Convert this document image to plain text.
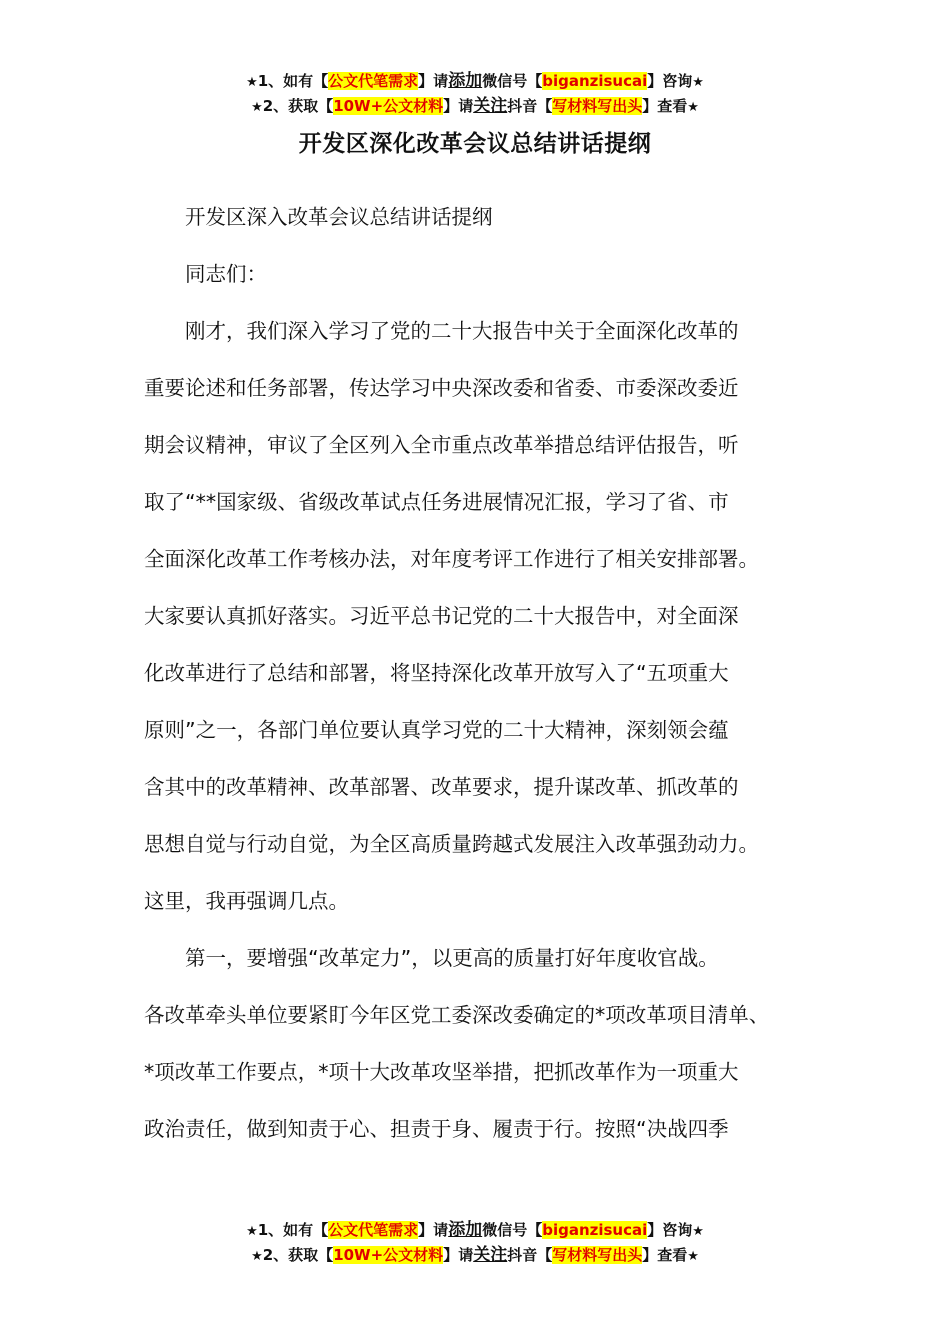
★1、如有【公文代笔需求】请添加微信号【biganzisucai】咨询★
★2、获取【10W+公文材料】请关注抖音【写材料写出头】查看★
开发区深化改革会议总结讲话提纲
　　开发区深入改革会议总结讲话提纲
　　同志们：
　　刚才，我们深入学习了党的二十大报告中关于全面深化改革的
重要论述和任务部署，传达学习中央深改委和省委、市委深改委近
期会议精神，审议了全区列入全市重点改革举措总结评估报告，听
取了“**国家级、省级改革试点任务进展情况汇报，学习了省、市
全面深化改革工作考核办法，对年度考评工作进行了相关安排部署。
大家要认真抓好落实。习近平总书记党的二十大报告中，对全面深
化改革进行了总结和部署，将坚持深化改革开放写入了“五项重大
原则”之一，各部门单位要认真学习党的二十大精神，深刻领会蕴
含其中的改革精神、改革部署、改革要求，提升谋改革、抓改革的
思想自觉与行动自觉，为全区高质量跨越式发展注入改革强劲动力。
这里，我再强调几点。
　　第一，要增强“改革定力”，以更高的质量打好年度收官战。
各改革牵头单位要紧盯今年区党工委深改委确定的*项改革项目清单、
*项改革工作要点，*项十大改革攻坚举措，把抓改革作为一项重大
政治责任，做到知责于心、担责于身、履责于行。按照“决战四季
★1、如有【公文代笔需求】请添加微信号【biganzisucai】咨询★
★2、获取【10W+公文材料】请关注抖音【写材料写出头】查看★
